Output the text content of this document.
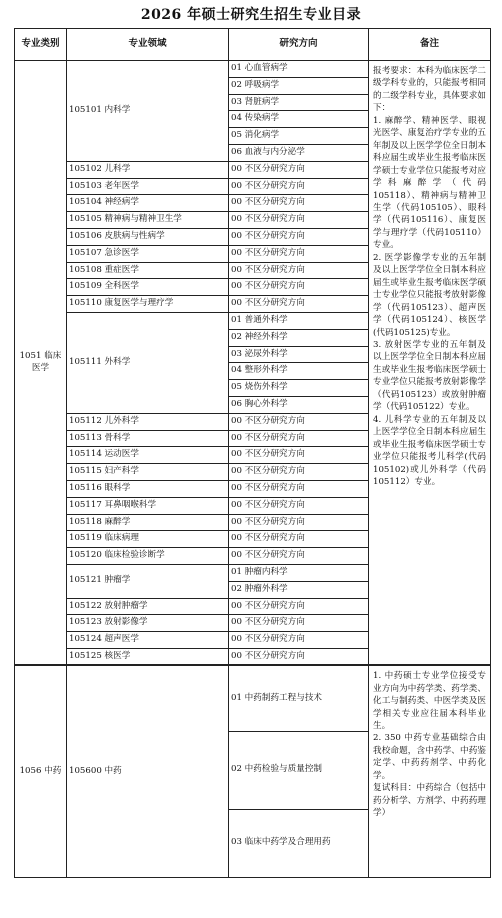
2026 年硕士研究生招生专业目录
专业类别	专业领域	研究方向	备注
1051 临床医学	105101 内科学	01 心血管病学	报考要求：本科为临床医学二级学科专业的，只能报考相同的二级学科专业，具体要求如下：

1. 麻醉学、精神医学、眼视光医学、康复治疗学专业的五年制及以上医学学位全日制本科应届生或毕业生报考临床医学硕士专业学位只能报考对应学科麻醉学（代码105118）、精神病与精神卫生学（代码105105）、眼科学（代码105116）、康复医学与理疗学（代码105110）专业。

2. 医学影像学专业的五年制及以上医学学位全日制本科应届生或毕业生报考临床医学硕士专业学位只能报考放射影像学（代码105123）、超声医学（代码105124）、核医学(代码105125)专业。

3. 放射医学专业的五年制及以上医学学位全日制本科应届生或毕业生报考临床医学硕士专业学位只能报考放射影像学（代码105123）或放射肿瘤学（代码105122）专业。

4. 儿科学专业的五年制及以上医学学位全日制本科应届生或毕业生报考临床医学硕士专业学位只能报考儿科学(代码105102)或儿外科学（代码105112）专业。

		02 呼吸病学	
		03 肾脏病学	
		04 传染病学	
		05 消化病学	
		06 血液与内分泌学	
	105102 儿科学	00 不区分研究方向	
	105103 老年医学	00 不区分研究方向	
	105104 神经病学	00 不区分研究方向	
	105105 精神病与精神卫生学	00 不区分研究方向	
	105106 皮肤病与性病学	00 不区分研究方向	
	105107 急诊医学	00 不区分研究方向	
	105108 重症医学	00 不区分研究方向	
	105109 全科医学	00 不区分研究方向	
	105110 康复医学与理疗学	00 不区分研究方向	
	105111 外科学	01 普通外科学	
		02 神经外科学	
		03 泌尿外科学	
		04 整形外科学	
		05 烧伤外科学	
		06 胸心外科学	
	105112 儿外科学	00 不区分研究方向	
	105113 骨科学	00 不区分研究方向	
	105114 运动医学	00 不区分研究方向	
	105115 妇产科学	00 不区分研究方向	
	105116 眼科学	00 不区分研究方向	
	105117 耳鼻咽喉科学	00 不区分研究方向	
	105118 麻醉学	00 不区分研究方向	
	105119 临床病理	00 不区分研究方向	
	105120 临床检验诊断学	00 不区分研究方向	
	105121 肿瘤学	01 肿瘤内科学	
		02 肿瘤外科学	
	105122 放射肿瘤学	00 不区分研究方向	
	105123 放射影像学	00 不区分研究方向	
	105124 超声医学	00 不区分研究方向	
	105125 核医学	00 不区分研究方向	
1056 中药	105600 中药	01 中药制药工程与技术	1. 中药硕士专业学位接受专业方向为中药学类、药学类、化工与制药类、中医学类及医学相关专业应往届本科毕业生。

2. 350 中药专业基础综合由我校命题，含中药学、中药鉴定学、中药药剂学、中药化学。

复试科目：中药综合（包括中药分析学、方剂学、中药药理学）

		02 中药检验与质量控制	
		03 临床中药学及合理用药	
